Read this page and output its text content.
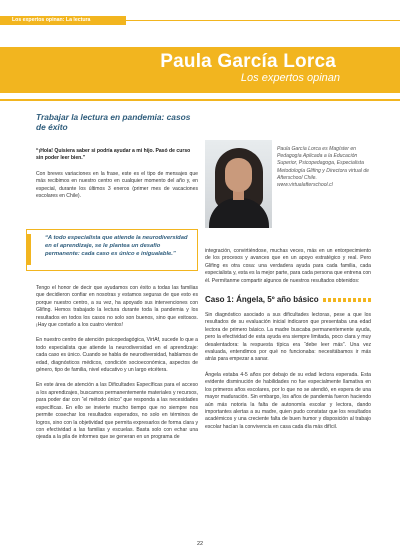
Los expertos opinan: La lectura
Paula García Lorca
Los expertos opinan
Trabajar la lectura en pandemia: casos de éxito
“¡Hola! Quisiera saber si podría ayudar a mi hijo. Pasó de curso sin poder leer bien.”
Con breves variaciones en la frase, este es el tipo de mensajes que más recibimos en nuestro centro en cualquier momento del año y, en especial, durante los últimos 3 eneros (primer mes de vacaciones escolares en Chile).
“A todo especialista que atiende la neurodiversidad en el aprendizaje, se le plantea un desafío permanente: cada caso es único e inigualable.”
Tengo el honor de decir que ayudamos con éxito a todas las familias que decidieron confiar en nosotras y estamos seguras de que esto es porque nuestro centro, a su vez, ha apoyado sus intervenciones con Glifing. Hemos trabajado la lectura durante toda la pandemia y los resultados en todos los casos no solo son buenos, sino que exitosos. ¡Hay que contarlo a los cuatro vientos!
En nuestro centro de atención psicopedagógica, VirtAf, sucede lo que a todo especialista que atiende la neurodiversidad en el aprendizaje: cada caso es único. Cuando se habla de neurodiversidad, hablamos de edad, diagnósticos médicos, condición socioeconómica, aspectos de género, tipo de familia, nivel educativo y un largo etcétera.
En este área de atención a las Dificultades Específicas para el acceso a los aprendizajes, buscamos permanentemente materiales y recursos, para poder dar con “el método único” que responda a las necesidades específicas. En ello se invierte mucho tiempo que no siempre nos permite cosechar los resultados esperados, no solo en términos de logros, sino con la objetividad que permita expresarlos de forma clara y con efectividad a las familias y escuelas. Basta solo con echar una ojeada a la pila de informes que se generan en un programa de
Paula García Lorca es Magíster en Pedagogía Aplicada a la Educación Superior, Psicopedagoga, Especialista Metodología Glifing y Directora virtual de Afterschool Chile. www.virtualafterschool.cl
integración, convirtiéndose, muchas veces, más en un entorpecimiento de los procesos y avances que en un apoyo estratégico y real. Pero Glifing es otra cosa: una verdadera ayuda para cada familia, cada especialista y, esta es la mejor parte, para cada persona que entrena con él. Permítanme compartir algunos de nuestros resultados obtenidos:
Caso 1: Ángela, 5º año básico
Sin diagnóstico asociado a sus dificultades lectoras, pese a que los resultados de su evaluación inicial indicaron que presentaba una edad lectora de primero básico. La madre buscaba permanentemente ayuda, pero la efectividad de esta ayuda era siempre limitada, poco clara y muy desalentadora: la respuesta típica era “debe leer más”. Una vez evaluada, entendimos por qué no funcionaba: necesitábamos ir más atrás para empezar a sanar.
Ángela estaba 4-5 años por debajo de su edad lectora esperada. Esta evidente disminución de habilidades no fue especialmente llamativa en los primeros años escolares, por lo que no se atendió, en espera de una mayor maduración. Sin embargo, los años de pandemia fueron haciendo aún más notoria la falta de autonomía escolar y lectora, dando importantes alertas a su madre, quien pudo constatar que los resultados académicos y una creciente falta de buen humor y disposición al trabajo escolar hacían la convivencia en casa cada día más difícil.
22
